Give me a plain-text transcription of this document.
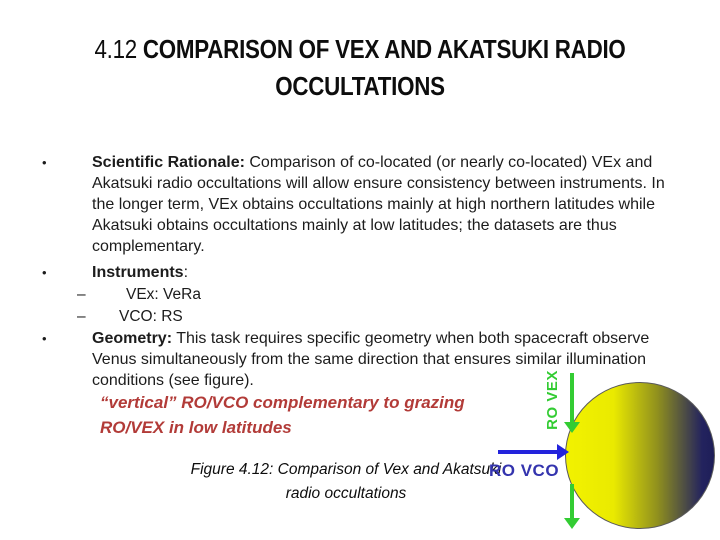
4.12 COMPARISON OF VEX AND AKATSUKI RADIO
OCCULTATIONS
•	Scientific Rationale: Comparison of co-located (or nearly co-located) VEx and Akatsuki radio occultations will allow ensure consistency between instruments. In the longer term, VEx obtains occultations mainly at high northern latitudes while Akatsuki obtains occultations mainly at low latitudes; the datasets are thus complementary.
•	Instruments:
–	VEx: VeRa
– VCO: RS
•	Geometry: This task requires specific geometry when both spacecraft observe Venus simultaneously from the same direction that ensures similar illumination conditions (see figure).
“vertical” RO/VCO complementary to grazing
RO/VEX in low latitudes
Figure 4.12: Comparison of Vex and Akatsuki
radio occultations
RO VEX
RO VCO
